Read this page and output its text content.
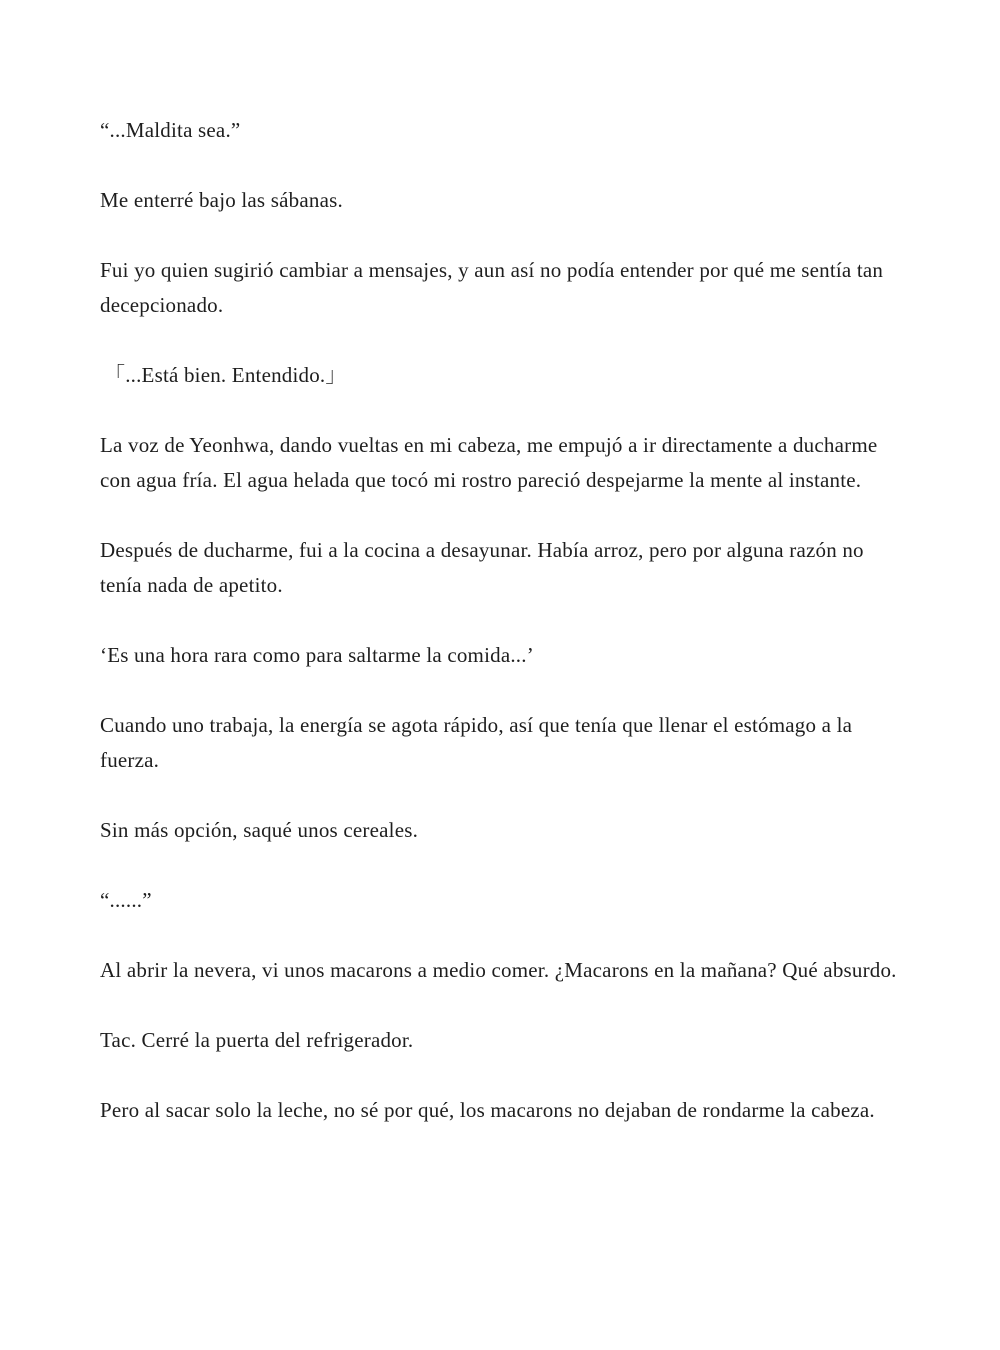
“...Maldita sea.”

Me enterré bajo las sábanas.

Fui yo quien sugirió cambiar a mensajes, y aun así no podía entender por qué me sentía tan decepcionado.

「...Está bien. Entendido.」

La voz de Yeonhwa, dando vueltas en mi cabeza, me empujó a ir directamente a ducharme con agua fría. El agua helada que tocó mi rostro pareció despejarme la mente al instante.

Después de ducharme, fui a la cocina a desayunar. Había arroz, pero por alguna razón no tenía nada de apetito.

‘Es una hora rara como para saltarme la comida...’

Cuando uno trabaja, la energía se agota rápido, así que tenía que llenar el estómago a la fuerza.

Sin más opción, saqué unos cereales.

“......”

Al abrir la nevera, vi unos macarons a medio comer. ¿Macarons en la mañana? Qué absurdo.

Tac. Cerré la puerta del refrigerador.

Pero al sacar solo la leche, no sé por qué, los macarons no dejaban de rondarme la cabeza.
